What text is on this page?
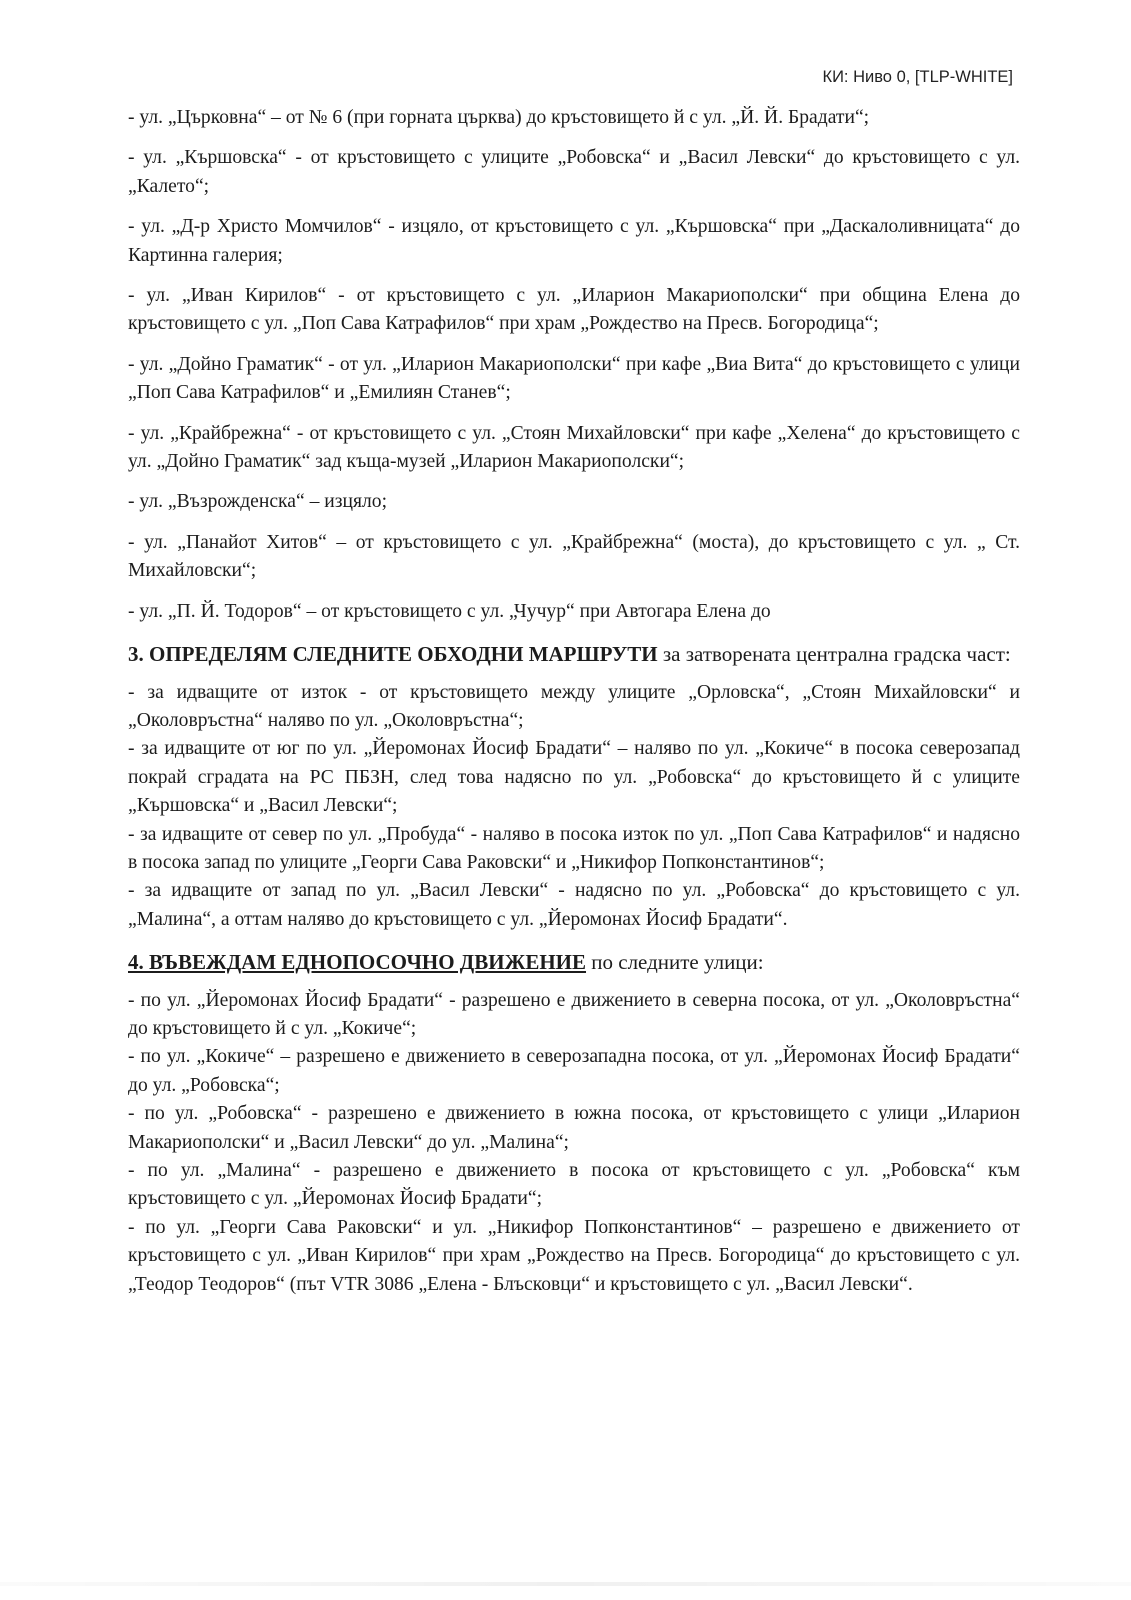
КИ: Ниво 0, [TLP-WHITE]

- ул. „Църковна“ – от № 6 (при горната църква) до кръстовището й с ул. „Й. Й. Брадати“;

- ул. „Кършовска“ - от кръстовището с улиците „Робовска“ и „Васил Левски“ до кръстовището с ул. „Калето“;

- ул. „Д-р Христо Момчилов“ - изцяло, от кръстовището с ул. „Кършовска“ при „Даскалоливницата“ до Картинна галерия;

- ул. „Иван Кирилов“ - от кръстовището с ул. „Иларион Макариополски“ при община Елена до кръстовището с ул. „Поп Сава Катрафилов“ при храм „Рождество на Пресв. Богородица“;

- ул. „Дойно Граматик“ - от ул. „Иларион Макариополски“ при кафе „Виа Вита“ до кръстовището с улици „Поп Сава Катрафилов“ и „Емилиян Станев“;

- ул. „Крайбрежна“ - от кръстовището с ул. „Стоян Михайловски“ при кафе „Хелена“ до кръстовището с ул. „Дойно Граматик“ зад къща-музей „Иларион Макариополски“;

- ул. „Възрожденска“ – изцяло;

- ул. „Панайот Хитов“ – от кръстовището с ул. „Крайбрежна“ (моста), до кръстовището с ул. „ Ст. Михайловски“;

- ул. „П. Й. Тодоров“ – от кръстовището с ул. „Чучур“ при Автогара Елена до

3. ОПРЕДЕЛЯМ СЛЕДНИТЕ ОБХОДНИ МАРШРУТИ за затворената централна градска част:

- за идващите от изток - от кръстовището между улиците „Орловска“, „Стоян Михайловски“ и „Околовръстна“ наляво по ул. „Околовръстна“;

- за идващите от юг по ул. „Йеромонах Йосиф Брадати“ – наляво по ул. „Кокиче“ в посока северозапад покрай сградата на РС ПБЗН, след това надясно по ул. „Робовска“ до кръстовището й с улиците „Кършовска“ и „Васил Левски“;

- за идващите от север по ул. „Пробуда“ - наляво в посока изток по ул. „Поп Сава Катрафилов“ и надясно в посока запад по улиците „Георги Сава Раковски“ и „Никифор Попконстантинов“;

- за идващите от запад по ул. „Васил Левски“ - надясно по ул. „Робовска“ до кръстовището с ул. „Малина“, а оттам наляво до кръстовището с ул. „Йеромонах Йосиф Брадати“.

4. ВЪВЕЖДАМ ЕДНОПОСОЧНО ДВИЖЕНИЕ по следните улици:

- по ул. „Йеромонах Йосиф Брадати“ - разрешено е движението в северна посока, от ул. „Околовръстна“ до кръстовището й с ул. „Кокиче“;

- по ул. „Кокиче“ – разрешено е движението в северозападна посока, от ул. „Йеромонах Йосиф Брадати“ до ул. „Робовска“;

- по ул. „Робовска“ - разрешено е движението в южна посока, от кръстовището с улици „Иларион Макариополски“ и „Васил Левски“ до ул. „Малина“;

- по ул. „Малина“ - разрешено е движението в посока от кръстовището с ул. „Робовска“ към кръстовището с ул. „Йеромонах Йосиф Брадати“;

- по ул. „Георги Сава Раковски“ и ул. „Никифор Попконстантинов“ – разрешено е движението от кръстовището с ул. „Иван Кирилов“ при храм „Рождество на Пресв. Богородица“ до кръстовището с ул. „Теодор Теодоров“ (път VTR 3086 „Елена - Блъсковци“ и кръстовището с ул. „Васил Левски“.
